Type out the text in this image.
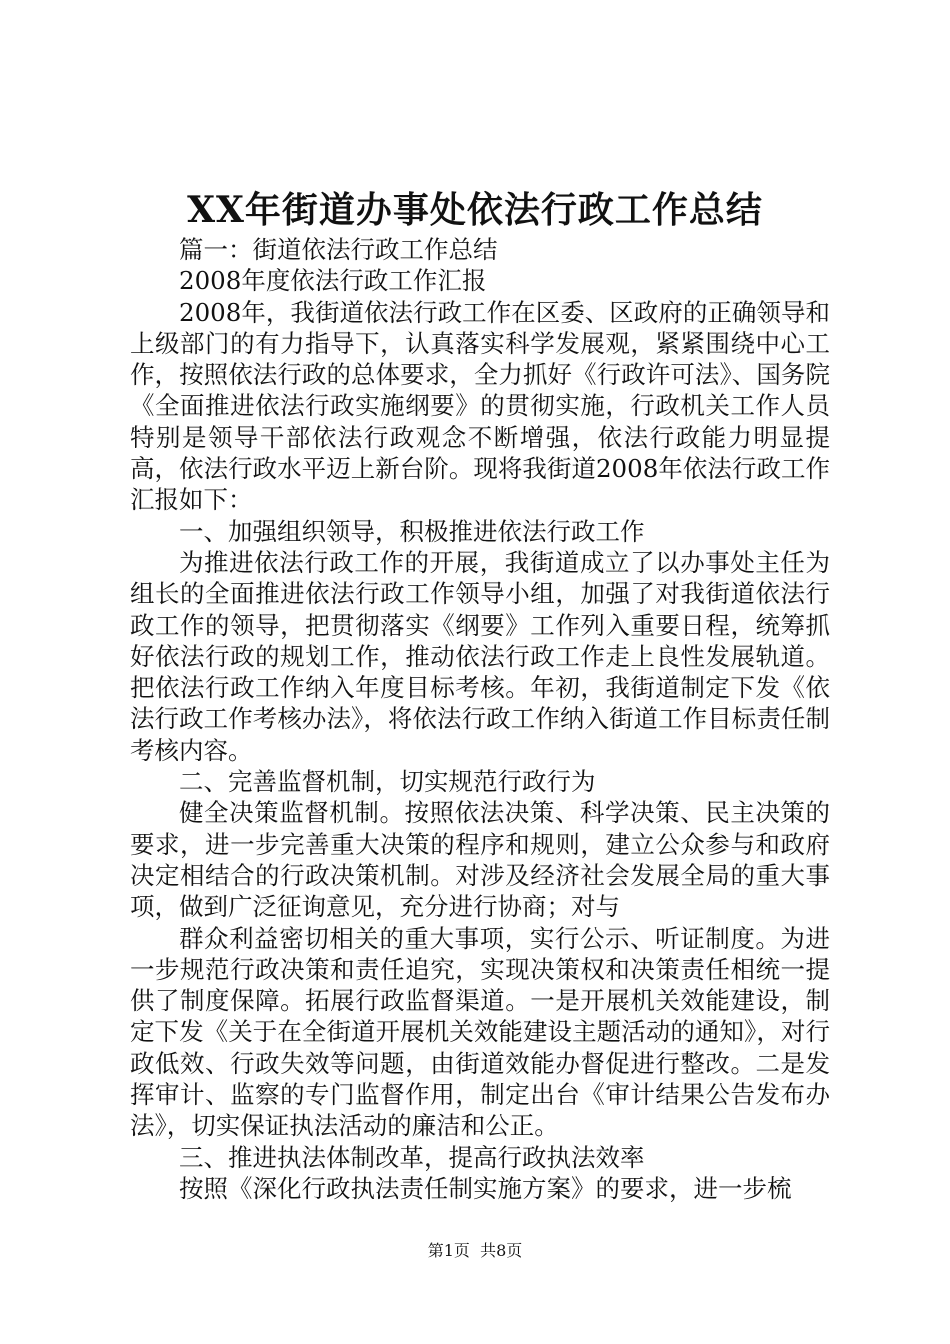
XX年街道办事处依法行政工作总结

篇一：街道依法行政工作总结

2008年度依法行政工作汇报

2008年，我街道依法行政工作在区委、区政府的正确领导和上级部门的有力指导下，认真落实科学发展观，紧紧围绕中心工作，按照依法行政的总体要求，全力抓好《行政许可法》、国务院《全面推进依法行政实施纲要》的贯彻实施，行政机关工作人员特别是领导干部依法行政观念不断增强，依法行政能力明显提高，依法行政水平迈上新台阶。现将我街道2008年依法行政工作汇报如下：

一、加强组织领导，积极推进依法行政工作

为推进依法行政工作的开展，我街道成立了以办事处主任为组长的全面推进依法行政工作领导小组，加强了对我街道依法行政工作的领导，把贯彻落实《纲要》工作列入重要日程，统筹抓好依法行政的规划工作，推动依法行政工作走上良性发展轨道。把依法行政工作纳入年度目标考核。年初，我街道制定下发《依法行政工作考核办法》，将依法行政工作纳入街道工作目标责任制考核内容。

二、完善监督机制，切实规范行政行为

健全决策监督机制。按照依法决策、科学决策、民主决策的要求，进一步完善重大决策的程序和规则，建立公众参与和政府决定相结合的行政决策机制。对涉及经济社会发展全局的重大事项，做到广泛征询意见，充分进行协商；对与

群众利益密切相关的重大事项，实行公示、听证制度。为进一步规范行政决策和责任追究，实现决策权和决策责任相统一提供了制度保障。拓展行政监督渠道。一是开展机关效能建设，制定下发《关于在全街道开展机关效能建设主题活动的通知》，对行政低效、行政失效等问题，由街道效能办督促进行整改。二是发挥审计、监察的专门监督作用，制定出台《审计结果公告发布办法》，切实保证执法活动的廉洁和公正。

三、推进执法体制改革，提高行政执法效率

按照《深化行政执法责任制实施方案》的要求，进一步梳

第1页  共8页
